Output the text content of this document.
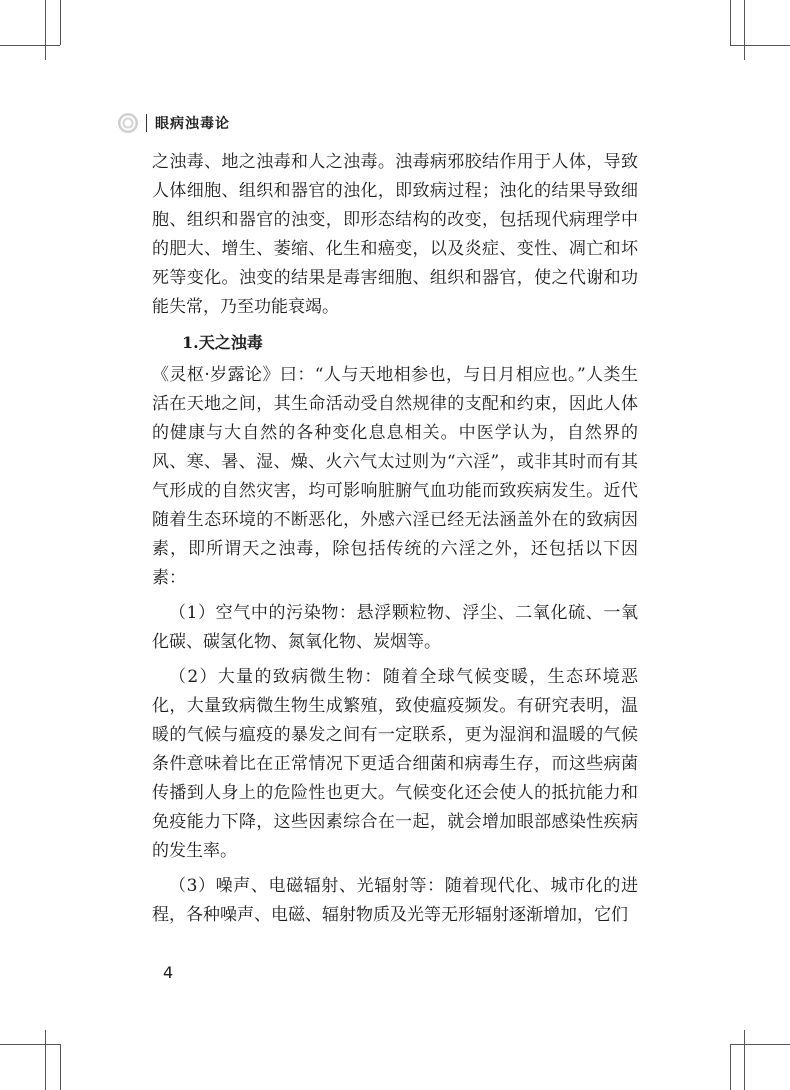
眼病浊毒论

之浊毒、地之浊毒和人之浊毒。浊毒病邪胶结作用于人体，导致人体细胞、组织和器官的浊化，即致病过程；浊化的结果导致细胞、组织和器官的浊变，即形态结构的改变，包括现代病理学中的肥大、增生、萎缩、化生和癌变，以及炎症、变性、凋亡和坏死等变化。浊变的结果是毒害细胞、组织和器官，使之代谢和功能失常，乃至功能衰竭。

1.天之浊毒

《灵枢·岁露论》曰：“人与天地相参也，与日月相应也。”人类生活在天地之间，其生命活动受自然规律的支配和约束，因此人体的健康与大自然的各种变化息息相关。中医学认为，自然界的风、寒、暑、湿、燥、火六气太过则为“六淫”，或非其时而有其气形成的自然灾害，均可影响脏腑气血功能而致疾病发生。近代随着生态环境的不断恶化，外感六淫已经无法涵盖外在的致病因素，即所谓天之浊毒，除包括传统的六淫之外，还包括以下因素：

（1）空气中的污染物：悬浮颗粒物、浮尘、二氧化硫、一氧化碳、碳氢化物、氮氧化物、炭烟等。

（2）大量的致病微生物：随着全球气候变暖，生态环境恶化，大量致病微生物生成繁殖，致使瘟疫频发。有研究表明，温暖的气候与瘟疫的暴发之间有一定联系，更为湿润和温暖的气候条件意味着比在正常情况下更适合细菌和病毒生存，而这些病菌传播到人身上的危险性也更大。气候变化还会使人的抵抗能力和免疫能力下降，这些因素综合在一起，就会增加眼部感染性疾病的发生率。

（3）噪声、电磁辐射、光辐射等：随着现代化、城市化的进程，各种噪声、电磁、辐射物质及光等无形辐射逐渐增加，它们

4
